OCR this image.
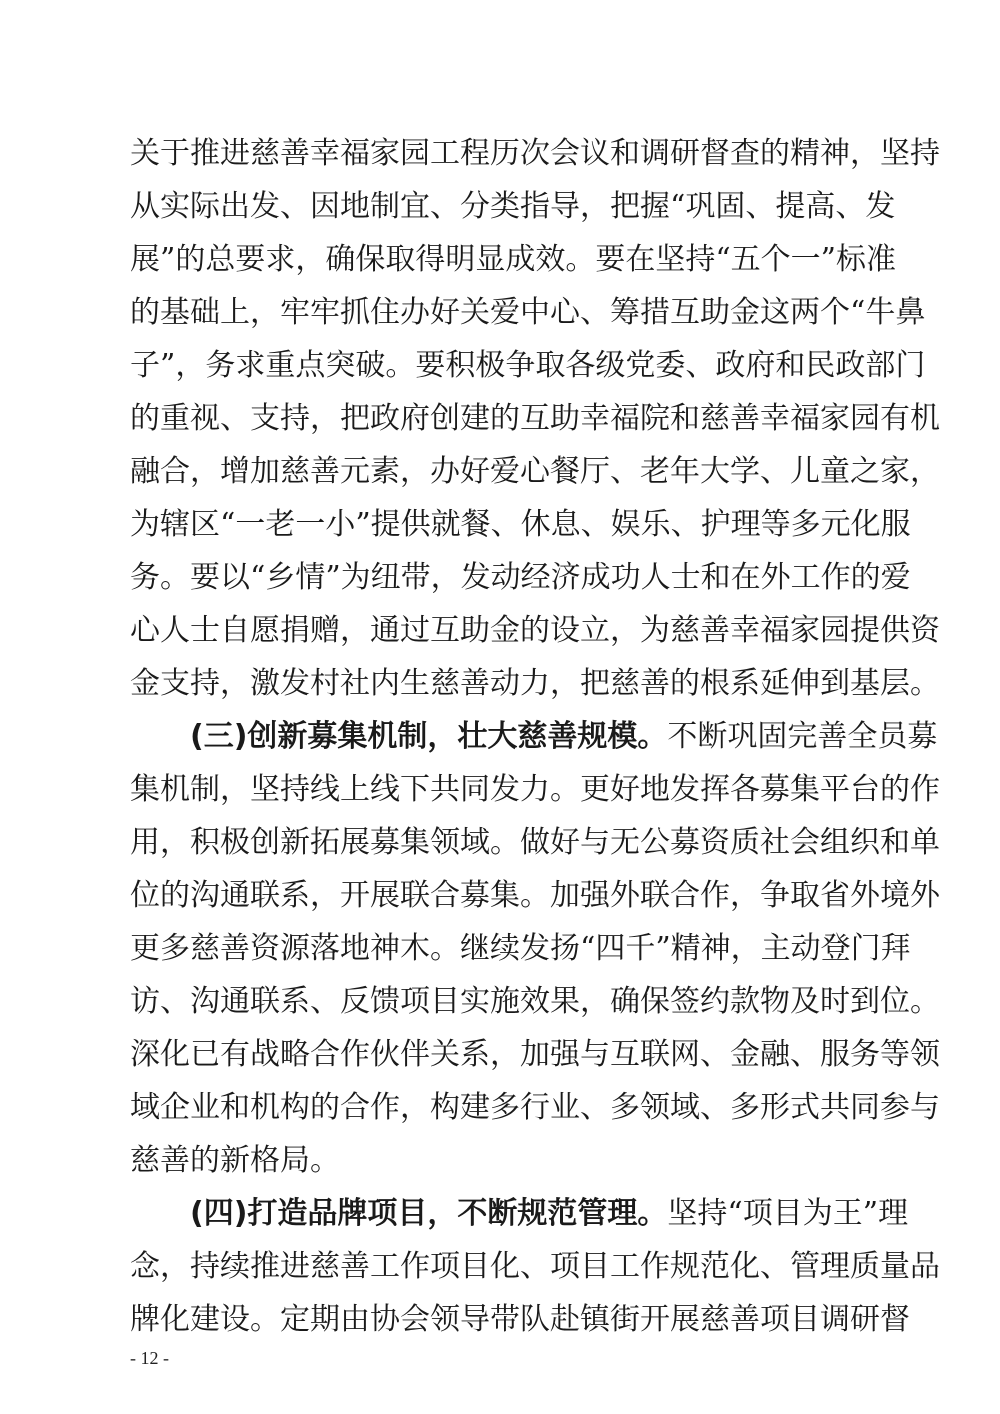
关于推进慈善幸福家园工程历次会议和调研督查的精神，坚持
从实际出发、因地制宜、分类指导，把握“巩固、提高、发
展”的总要求，确保取得明显成效。要在坚持“五个一”标准
的基础上，牢牢抓住办好关爱中心、筹措互助金这两个“牛鼻
子”，务求重点突破。要积极争取各级党委、政府和民政部门
的重视、支持，把政府创建的互助幸福院和慈善幸福家园有机
融合，增加慈善元素，办好爱心餐厅、老年大学、儿童之家，
为辖区“一老一小”提供就餐、休息、娱乐、护理等多元化服
务。要以“乡情”为纽带，发动经济成功人士和在外工作的爱
心人士自愿捐赠，通过互助金的设立，为慈善幸福家园提供资
金支持，激发村社内生慈善动力，把慈善的根系延伸到基层。
(三)创新募集机制，壮大慈善规模。不断巩固完善全员募
集机制，坚持线上线下共同发力。更好地发挥各募集平台的作
用，积极创新拓展募集领域。做好与无公募资质社会组织和单
位的沟通联系，开展联合募集。加强外联合作，争取省外境外
更多慈善资源落地神木。继续发扬“四千”精神，主动登门拜
访、沟通联系、反馈项目实施效果，确保签约款物及时到位。
深化已有战略合作伙伴关系，加强与互联网、金融、服务等领
域企业和机构的合作，构建多行业、多领域、多形式共同参与
慈善的新格局。
(四)打造品牌项目，不断规范管理。坚持“项目为王”理
念，持续推进慈善工作项目化、项目工作规范化、管理质量品
- 12 -
牌化建设。定期由协会领导带队赴镇街开展慈善项目调研督
